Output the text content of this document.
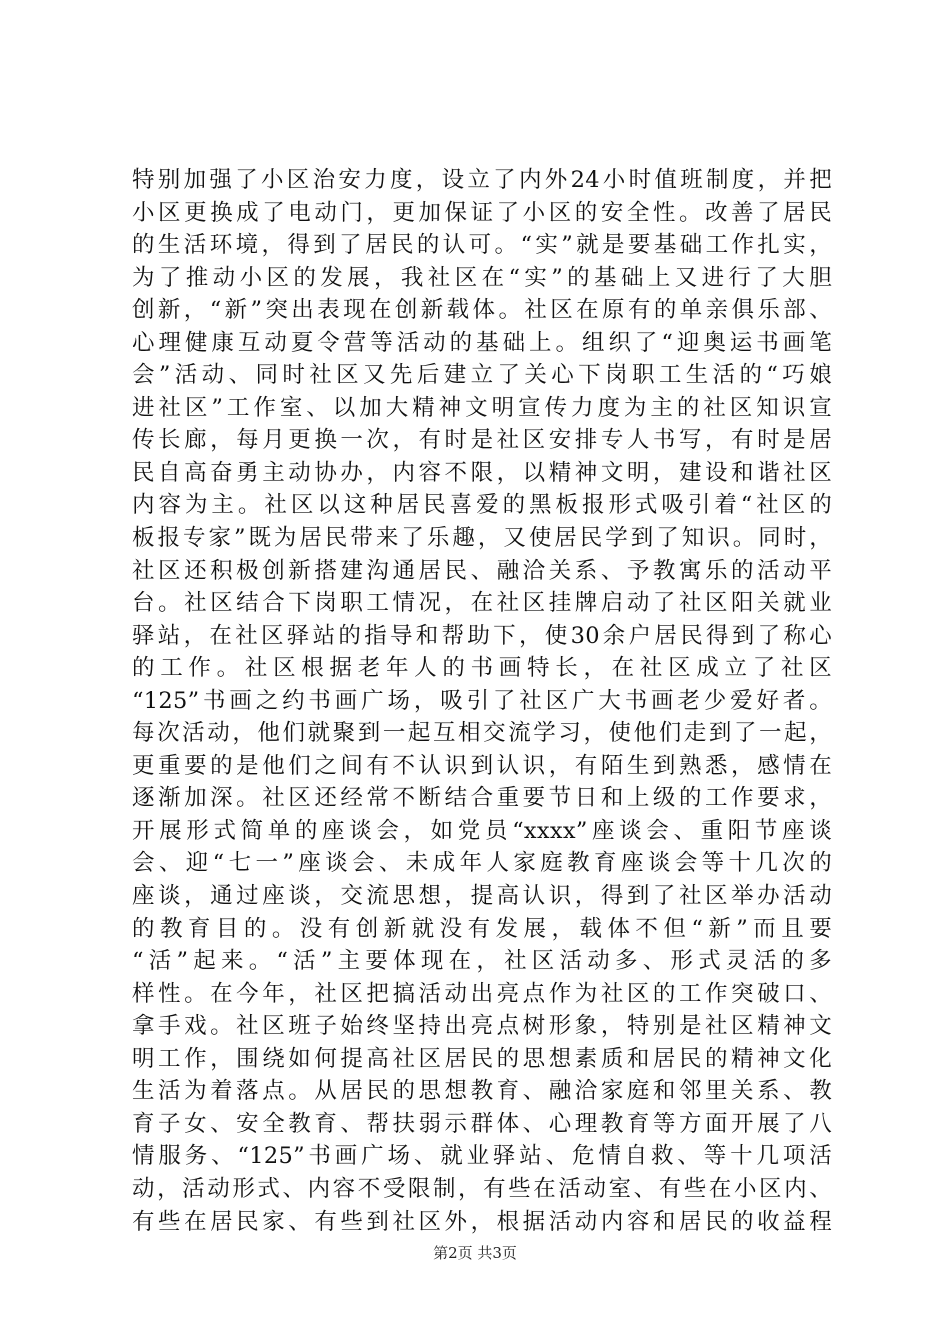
特别加强了小区治安力度，设立了内外24小时值班制度，并把
小区更换成了电动门，更加保证了小区的安全性。改善了居民
的生活环境，得到了居民的认可。“实”就是要基础工作扎实，
为了推动小区的发展，我社区在“实”的基础上又进行了大胆
创新，“新”突出表现在创新载体。社区在原有的单亲俱乐部、
心理健康互动夏令营等活动的基础上。组织了“迎奥运书画笔
会”活动、同时社区又先后建立了关心下岗职工生活的“巧娘
进社区”工作室、以加大精神文明宣传力度为主的社区知识宣
传长廊，每月更换一次，有时是社区安排专人书写，有时是居
民自高奋勇主动协办，内容不限，以精神文明，建设和谐社区
内容为主。社区以这种居民喜爱的黑板报形式吸引着“社区的
板报专家”既为居民带来了乐趣，又使居民学到了知识。同时，
社区还积极创新搭建沟通居民、融洽关系、予教寓乐的活动平
台。社区结合下岗职工情况，在社区挂牌启动了社区阳关就业
驿站，在社区驿站的指导和帮助下，使30余户居民得到了称心
的工作。社区根据老年人的书画特长，在社区成立了社区
“125”书画之约书画广场，吸引了社区广大书画老少爱好者。
每次活动，他们就聚到一起互相交流学习，使他们走到了一起，
更重要的是他们之间有不认识到认识，有陌生到熟悉，感情在
逐渐加深。社区还经常不断结合重要节日和上级的工作要求，
开展形式简单的座谈会，如党员“xxxx”座谈会、重阳节座谈
会、迎“七一”座谈会、未成年人家庭教育座谈会等十几次的
座谈，通过座谈，交流思想，提高认识，得到了社区举办活动
的教育目的。没有创新就没有发展，载体不但“新”而且要
“活”起来。“活”主要体现在，社区活动多、形式灵活的多
样性。在今年，社区把搞活动出亮点作为社区的工作突破口、
拿手戏。社区班子始终坚持出亮点树形象，特别是社区精神文
明工作，围绕如何提高社区居民的思想素质和居民的精神文化
生活为着落点。从居民的思想教育、融洽家庭和邻里关系、教
育子女、安全教育、帮扶弱示群体、心理教育等方面开展了八
情服务、“125”书画广场、就业驿站、危情自救、等十几项活
动，活动形式、内容不受限制，有些在活动室、有些在小区内、
有些在居民家、有些到社区外，根据活动内容和居民的收益程
第2页 共3页
